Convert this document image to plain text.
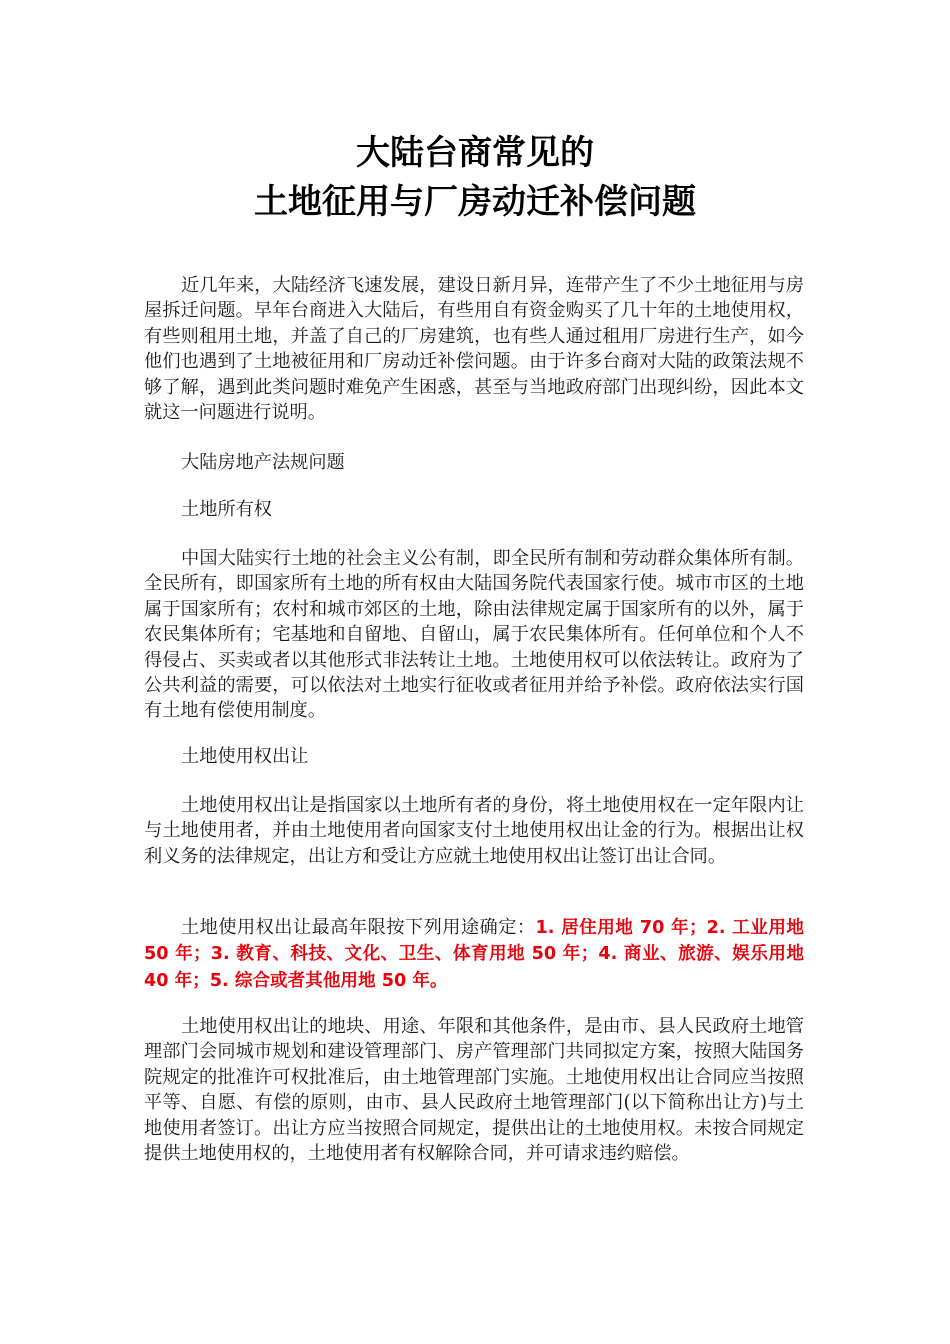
大陆台商常见的
土地征用与厂房动迁补偿问题

近几年来，大陆经济飞速发展，建设日新月异，连带产生了不少土地征用与房屋拆迁问题。早年台商进入大陆后，有些用自有资金购买了几十年的土地使用权，有些则租用土地，并盖了自己的厂房建筑，也有些人通过租用厂房进行生产，如今他们也遇到了土地被征用和厂房动迁补偿问题。由于许多台商对大陆的政策法规不够了解，遇到此类问题时难免产生困惑，甚至与当地政府部门出现纠纷，因此本文就这一问题进行说明。

大陆房地产法规问题

土地所有权

中国大陆实行土地的社会主义公有制，即全民所有制和劳动群众集体所有制。全民所有，即国家所有土地的所有权由大陆国务院代表国家行使。城市市区的土地属于国家所有；农村和城市郊区的土地，除由法律规定属于国家所有的以外，属于农民集体所有；宅基地和自留地、自留山，属于农民集体所有。任何单位和个人不得侵占、买卖或者以其他形式非法转让土地。土地使用权可以依法转让。政府为了公共利益的需要，可以依法对土地实行征收或者征用并给予补偿。政府依法实行国有土地有偿使用制度。

土地使用权出让

土地使用权出让是指国家以土地所有者的身份，将土地使用权在一定年限内让与土地使用者，并由土地使用者向国家支付土地使用权出让金的行为。根据出让权利义务的法律规定，出让方和受让方应就土地使用权出让签订出让合同。

土地使用权出让最高年限按下列用途确定：1. 居住用地 70 年；2. 工业用地 50 年；3. 教育、科技、文化、卫生、体育用地 50 年；4. 商业、旅游、娱乐用地 40 年；5. 综合或者其他用地 50 年。

土地使用权出让的地块、用途、年限和其他条件，是由市、县人民政府土地管理部门会同城市规划和建设管理部门、房产管理部门共同拟定方案，按照大陆国务院规定的批准许可权批准后，由土地管理部门实施。土地使用权出让合同应当按照平等、自愿、有偿的原则，由市、县人民政府土地管理部门(以下简称出让方)与土地使用者签订。出让方应当按照合同规定，提供出让的土地使用权。未按合同规定提供土地使用权的，土地使用者有权解除合同，并可请求违约赔偿。
